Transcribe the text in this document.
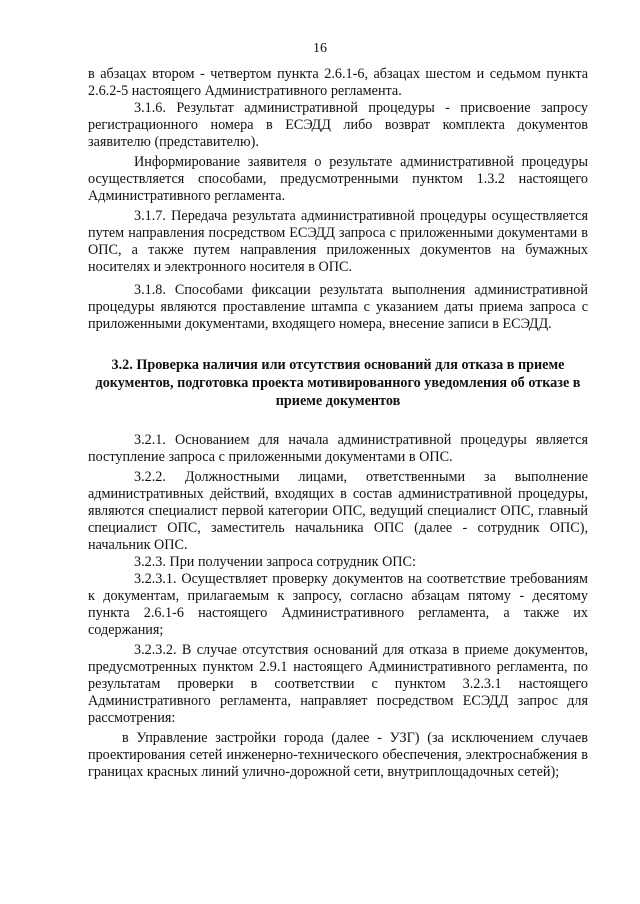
16

в абзацах втором - четвертом пункта 2.6.1-6, абзацах шестом и седьмом пункта 2.6.2-5 настоящего Административного регламента.

3.1.6. Результат административной процедуры - присвоение запросу регистрационного номера в ЕСЭДД либо возврат комплекта документов заявителю (представителю).

Информирование заявителя о результате административной процедуры осуществляется способами, предусмотренными пунктом 1.3.2 настоящего Административного регламента.

3.1.7. Передача результата административной процедуры осуществляется путем направления посредством ЕСЭДД запроса с приложенными документами в ОПС, а также путем направления приложенных документов на бумажных носителях и электронного носителя в ОПС.

3.1.8. Способами фиксации результата выполнения административной процедуры являются проставление штампа с указанием даты приема запроса с приложенными документами, входящего номера, внесение записи в ЕСЭДД.

3.2. Проверка наличия или отсутствия оснований для отказа в приеме документов, подготовка проекта мотивированного уведомления об отказе в приеме документов

3.2.1. Основанием для начала административной процедуры является поступление запроса с приложенными документами в ОПС.

3.2.2. Должностными лицами, ответственными за выполнение административных действий, входящих в состав административной процедуры, являются специалист первой категории ОПС, ведущий специалист ОПС, главный специалист ОПС, заместитель начальника ОПС (далее - сотрудник ОПС), начальник ОПС.

3.2.3. При получении запроса сотрудник ОПС:

3.2.3.1. Осуществляет проверку документов на соответствие требованиям к документам, прилагаемым к запросу, согласно абзацам пятому - десятому пункта 2.6.1-6 настоящего Административного регламента, а также их содержания;

3.2.3.2. В случае отсутствия оснований для отказа в приеме документов, предусмотренных пунктом 2.9.1 настоящего Административного регламента, по результатам проверки в соответствии с пунктом 3.2.3.1 настоящего Административного регламента, направляет посредством ЕСЭДД запрос для рассмотрения:

в Управление застройки города (далее - УЗГ) (за исключением случаев проектирования сетей инженерно-технического обеспечения, электроснабжения в границах красных линий улично-дорожной сети, внутриплощадочных сетей);
